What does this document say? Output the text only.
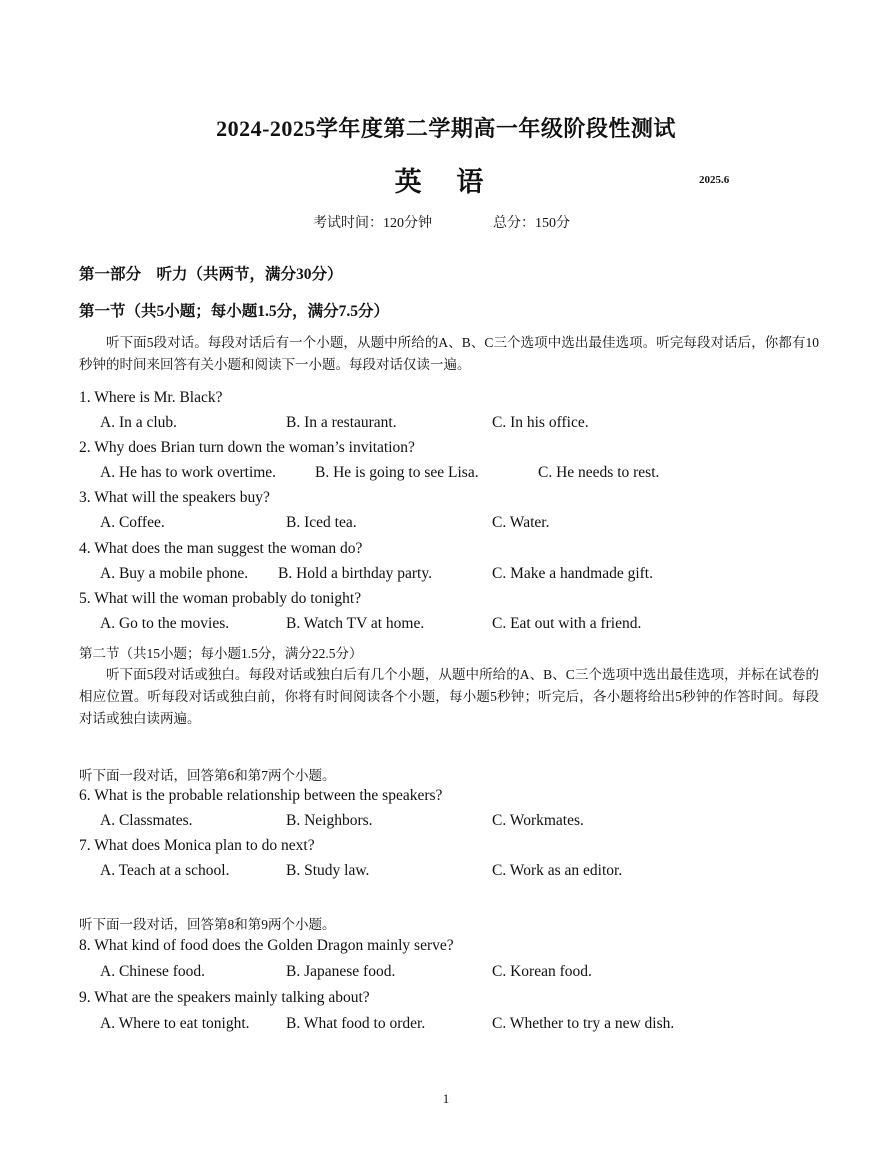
2024-2025学年度第二学期高一年级阶段性测试
英 语	2025.6
考试时间：120分钟	总分：150分
第一部分　听力（共两节，满分30分）
第一节（共5小题；每小题1.5分，满分7.5分）
听下面5段对话。每段对话后有一个小题，从题中所给的A、B、C三个选项中选出最佳选项。听完每段对话后，你都有10秒钟的时间来回答有关小题和阅读下一小题。每段对话仅读一遍。
1. Where is Mr. Black?
A. In a club.	B. In a restaurant.	C. In his office.
2. Why does Brian turn down the woman’s invitation?
A. He has to work overtime.	B. He is going to see Lisa.	C. He needs to rest.
3. What will the speakers buy?
A. Coffee.	B. Iced tea.	C. Water.
4. What does the man suggest the woman do?
A. Buy a mobile phone. B. Hold a birthday party.	C. Make a handmade gift.
5. What will the woman probably do tonight?
A. Go to the movies.	B. Watch TV at home.	C. Eat out with a friend.
第二节（共15小题；每小题1.5分，满分22.5分）
听下面5段对话或独白。每段对话或独白后有几个小题，从题中所给的A、B、C三个选项中选出最佳选项，并标在试卷的相应位置。听每段对话或独白前，你将有时间阅读各个小题，每小题5秒钟；听完后，各小题将给出5秒钟的作答时间。每段对话或独白读两遍。
听下面一段对话，回答第6和第7两个小题。
6. What is the probable relationship between the speakers?
A. Classmates.	B. Neighbors.	C. Workmates.
7. What does Monica plan to do next?
A. Teach at a school.	B. Study law.	C. Work as an editor.
听下面一段对话，回答第8和第9两个小题。
8. What kind of food does the Golden Dragon mainly serve?
A. Chinese food.	B. Japanese food.	C. Korean food.
9. What are the speakers mainly talking about?
A. Where to eat tonight. B. What food to order.	C. Whether to try a new dish.
1
